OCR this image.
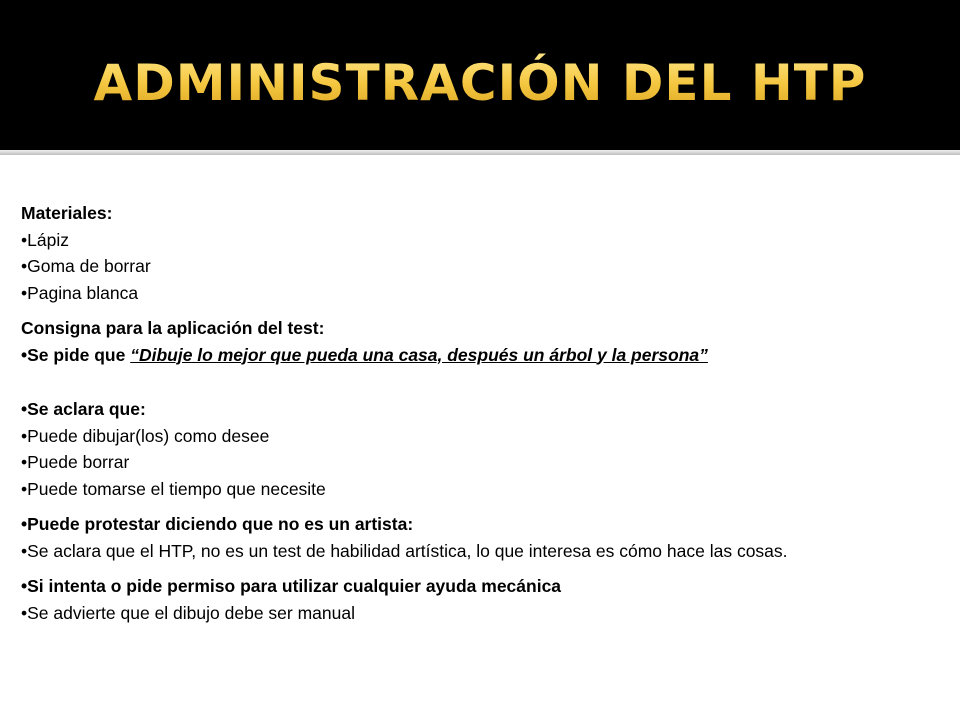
ADMINISTRACIÓN DEL HTP
Materiales:
•Lápiz
•Goma de borrar
•Pagina blanca
Consigna para la aplicación del test:
•Se pide que “Dibuje lo mejor que pueda una casa, después un árbol y la persona”
•Se aclara que:
•Puede dibujar(los) como desee
•Puede borrar
•Puede tomarse el tiempo que necesite
•Puede protestar diciendo que no es un artista:
•Se aclara que el HTP, no es un test de habilidad artística, lo que interesa es cómo hace las cosas.
•Si intenta o pide permiso para utilizar cualquier ayuda mecánica
•Se advierte que el dibujo debe ser manual
